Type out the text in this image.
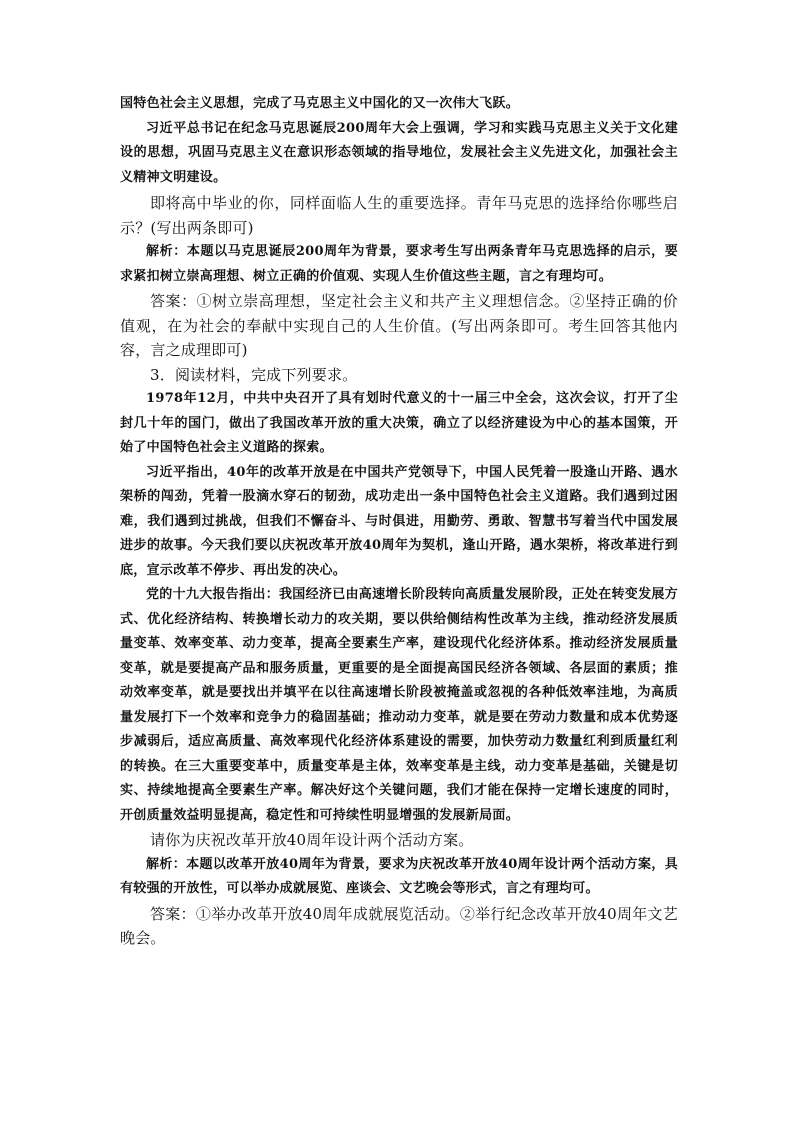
国特色社会主义思想，完成了马克思主义中国化的又一次伟大飞跃。

习近平总书记在纪念马克思诞辰200周年大会上强调，学习和实践马克思主义关于文化建设的思想，巩固马克思主义在意识形态领域的指导地位，发展社会主义先进文化，加强社会主义精神文明建设。

即将高中毕业的你，同样面临人生的重要选择。青年马克思的选择给你哪些启示？(写出两条即可)

解析：本题以马克思诞辰200周年为背景，要求考生写出两条青年马克思选择的启示，要求紧扣树立崇高理想、树立正确的价值观、实现人生价值这些主题，言之有理均可。

答案：①树立崇高理想，坚定社会主义和共产主义理想信念。②坚持正确的价值观，在为社会的奉献中实现自己的人生价值。(写出两条即可。考生回答其他内容，言之成理即可)

3．阅读材料，完成下列要求。

1978年12月，中共中央召开了具有划时代意义的十一届三中全会，这次会议，打开了尘封几十年的国门，做出了我国改革开放的重大决策，确立了以经济建设为中心的基本国策，开始了中国特色社会主义道路的探索。

习近平指出，40年的改革开放是在中国共产党领导下，中国人民凭着一股逢山开路、遇水架桥的闯劲，凭着一股滴水穿石的韧劲，成功走出一条中国特色社会主义道路。我们遇到过困难，我们遇到过挑战，但我们不懈奋斗、与时俱进，用勤劳、勇敢、智慧书写着当代中国发展进步的故事。今天我们要以庆祝改革开放40周年为契机，逢山开路，遇水架桥，将改革进行到底，宣示改革不停步、再出发的决心。

党的十九大报告指出：我国经济已由高速增长阶段转向高质量发展阶段，正处在转变发展方式、优化经济结构、转换增长动力的攻关期，要以供给侧结构性改革为主线，推动经济发展质量变革、效率变革、动力变革，提高全要素生产率，建设现代化经济体系。推动经济发展质量变革，就是要提高产品和服务质量，更重要的是全面提高国民经济各领域、各层面的素质；推动效率变革，就是要找出并填平在以往高速增长阶段被掩盖或忽视的各种低效率洼地，为高质量发展打下一个效率和竞争力的稳固基础；推动动力变革，就是要在劳动力数量和成本优势逐步减弱后，适应高质量、高效率现代化经济体系建设的需要，加快劳动力数量红利到质量红利的转换。在三大重要变革中，质量变革是主体，效率变革是主线，动力变革是基础，关键是切实、持续地提高全要素生产率。解决好这个关键问题，我们才能在保持一定增长速度的同时，开创质量效益明显提高，稳定性和可持续性明显增强的发展新局面。

请你为庆祝改革开放40周年设计两个活动方案。

解析：本题以改革开放40周年为背景，要求为庆祝改革开放40周年设计两个活动方案，具有较强的开放性，可以举办成就展览、座谈会、文艺晚会等形式，言之有理均可。

答案：①举办改革开放40周年成就展览活动。②举行纪念改革开放40周年文艺晚会。
